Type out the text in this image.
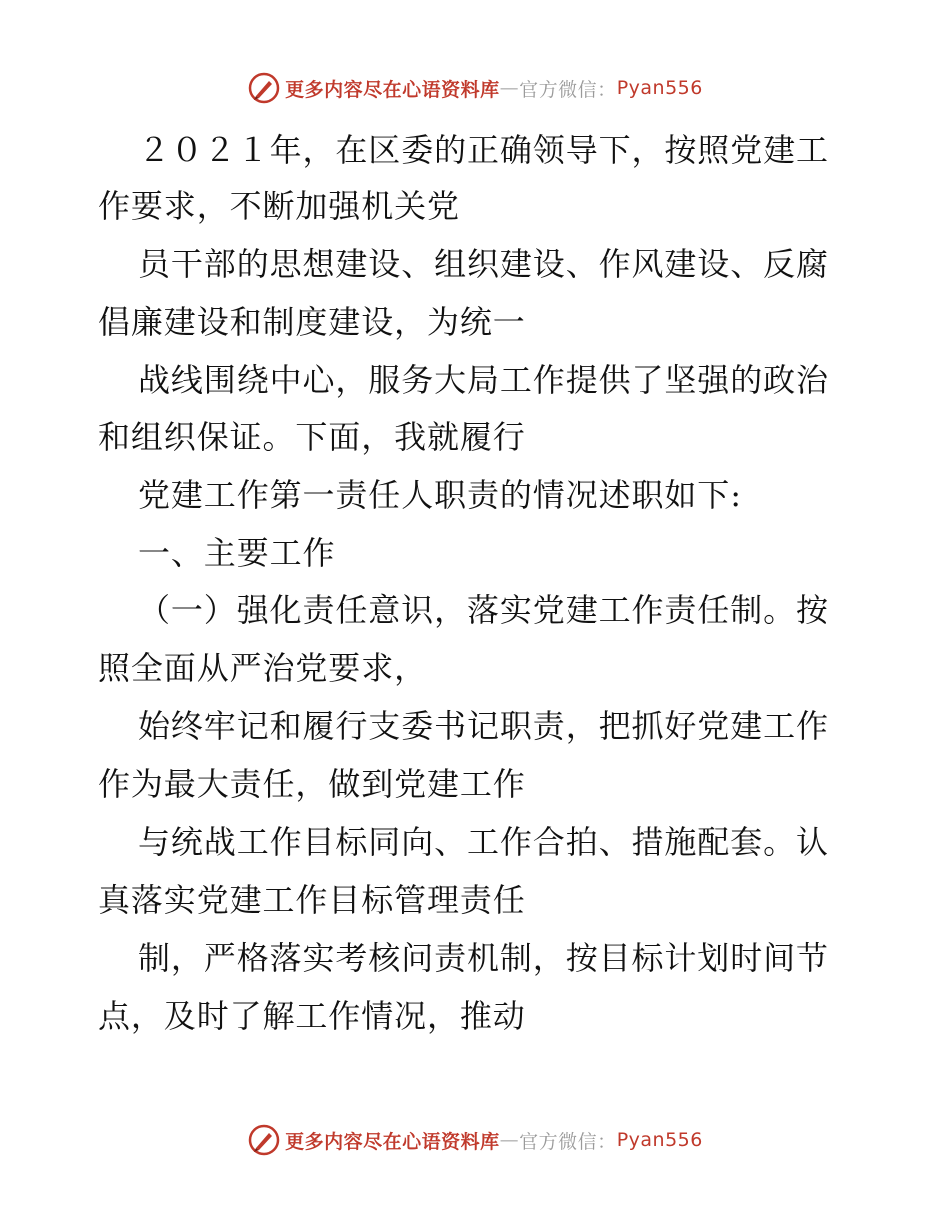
更多内容尽在心语资料库 — 官方微信： Pyan556
２０２１年，在区委的正确领导下，按照党建工
作要求，不断加强机关党
员干部的思想建设、组织建设、作风建设、反腐
倡廉建设和制度建设，为统一
战线围绕中心，服务大局工作提供了坚强的政治
和组织保证。下面，我就履行
党建工作第一责任人职责的情况述职如下:
一、主要工作
（一）强化责任意识，落实党建工作责任制。按
照全面从严治党要求，
始终牢记和履行支委书记职责，把抓好党建工作
作为最大责任，做到党建工作
与统战工作目标同向、工作合拍、措施配套。认
真落实党建工作目标管理责任
制，严格落实考核问责机制，按目标计划时间节
点，及时了解工作情况，推动
更多内容尽在心语资料库 — 官方微信： Pyan556
